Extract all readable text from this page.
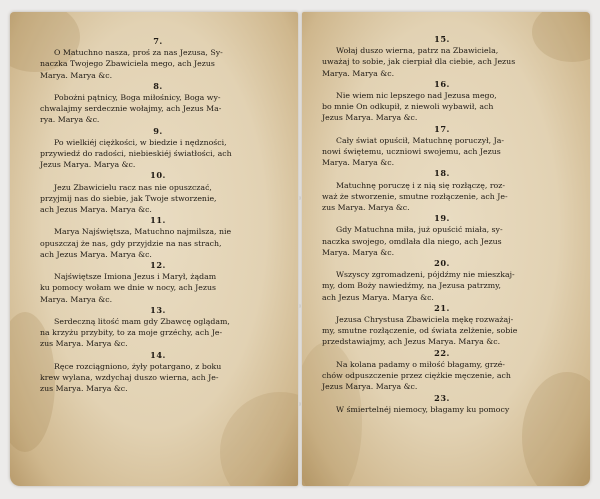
7.
O Matuchno nasza, proś za nas Jezusa, Sy-
naczka Twojego Zbawiciela mego, ach Jezus
Marya. Marya &c.
8.
Pobożni pątnicy, Boga miłośnicy, Boga wy-
chwalajmy serdecznie wołajmy, ach Jezus Ma-
rya. Marya &c.
9.
Po wielkiéj ciężkości, w biedzie i nędzności,
przywiedź do radości, niebieskiéj światłości, ach
Jezus Marya. Marya &c.
10.
Jezu Zbawicielu racz nas nie opuszczać,
przyjmij nas do siebie, jak Twoje stworzenie,
ach Jezus Marya. Marya &c.
11.
Marya Najświętsza, Matuchno najmilsza, nie
opuszczaj że nas, gdy przyjdzie na nas strach,
ach Jezus Marya. Marya &c.
12.
Najświętsze Imiona Jezus i Marył, żądam
ku pomocy wołam we dnie w nocy, ach Jezus
Marya. Marya &c.
13.
Serdeczną litość mam gdy Zbawcę oglądam,
na krzyżu przybity, to za moje grzéchy, ach Je-
zus Marya. Marya &c.
14.
Ręce rozciągniono, żyły potargano, z boku
krew wylana, wzdychaj duszo wierna, ach Je-
zus Marya. Marya &c.
15.
Wołaj duszo wierna, patrz na Zbawiciela,
uważaj to sobie, jak cierpiał dla ciebie, ach Jezus
Marya. Marya &c.
16.
Nie wiem nic lepszego nad Jezusa mego,
bo mnie On odkupił, z niewoli wybawił, ach
Jezus Marya. Marya &c.
17.
Cały świat opuścił, Matuchnę poruczył, Ja-
nowi świętemu, uczniowi swojemu, ach Jezus
Marya. Marya &c.
18.
Matuchnę poruczę i z nią się rozłączę, roz-
waż że stworzenie, smutne rozłączenie, ach Je-
zus Marya. Marya &c.
19.
Gdy Matuchna miła, już opuścić miała, sy-
naczka swojego, omdlała dla niego, ach Jezus
Marya. Marya &c.
20.
Wszyscy zgromadzeni, pójdźmy nie mieszkaj-
my, dom Boży nawiedźmy, na Jezusa patrzmy,
ach Jezus Marya. Marya &c.
21.
Jezusa Chrystusa Zbawiciela mękę rozważaj-
my, smutne rozłączenie, od świata zelżenie, sobie
przedstawiajmy, ach Jezus Marya. Marya &c.
22.
Na kolana padamy o miłość błagamy, grzé-
chów odpuszczenie przez ciężkie męczenie, ach
Jezus Marya. Marya &c.
23.
W śmiertelnéj niemocy, błagamy ku pomocy
